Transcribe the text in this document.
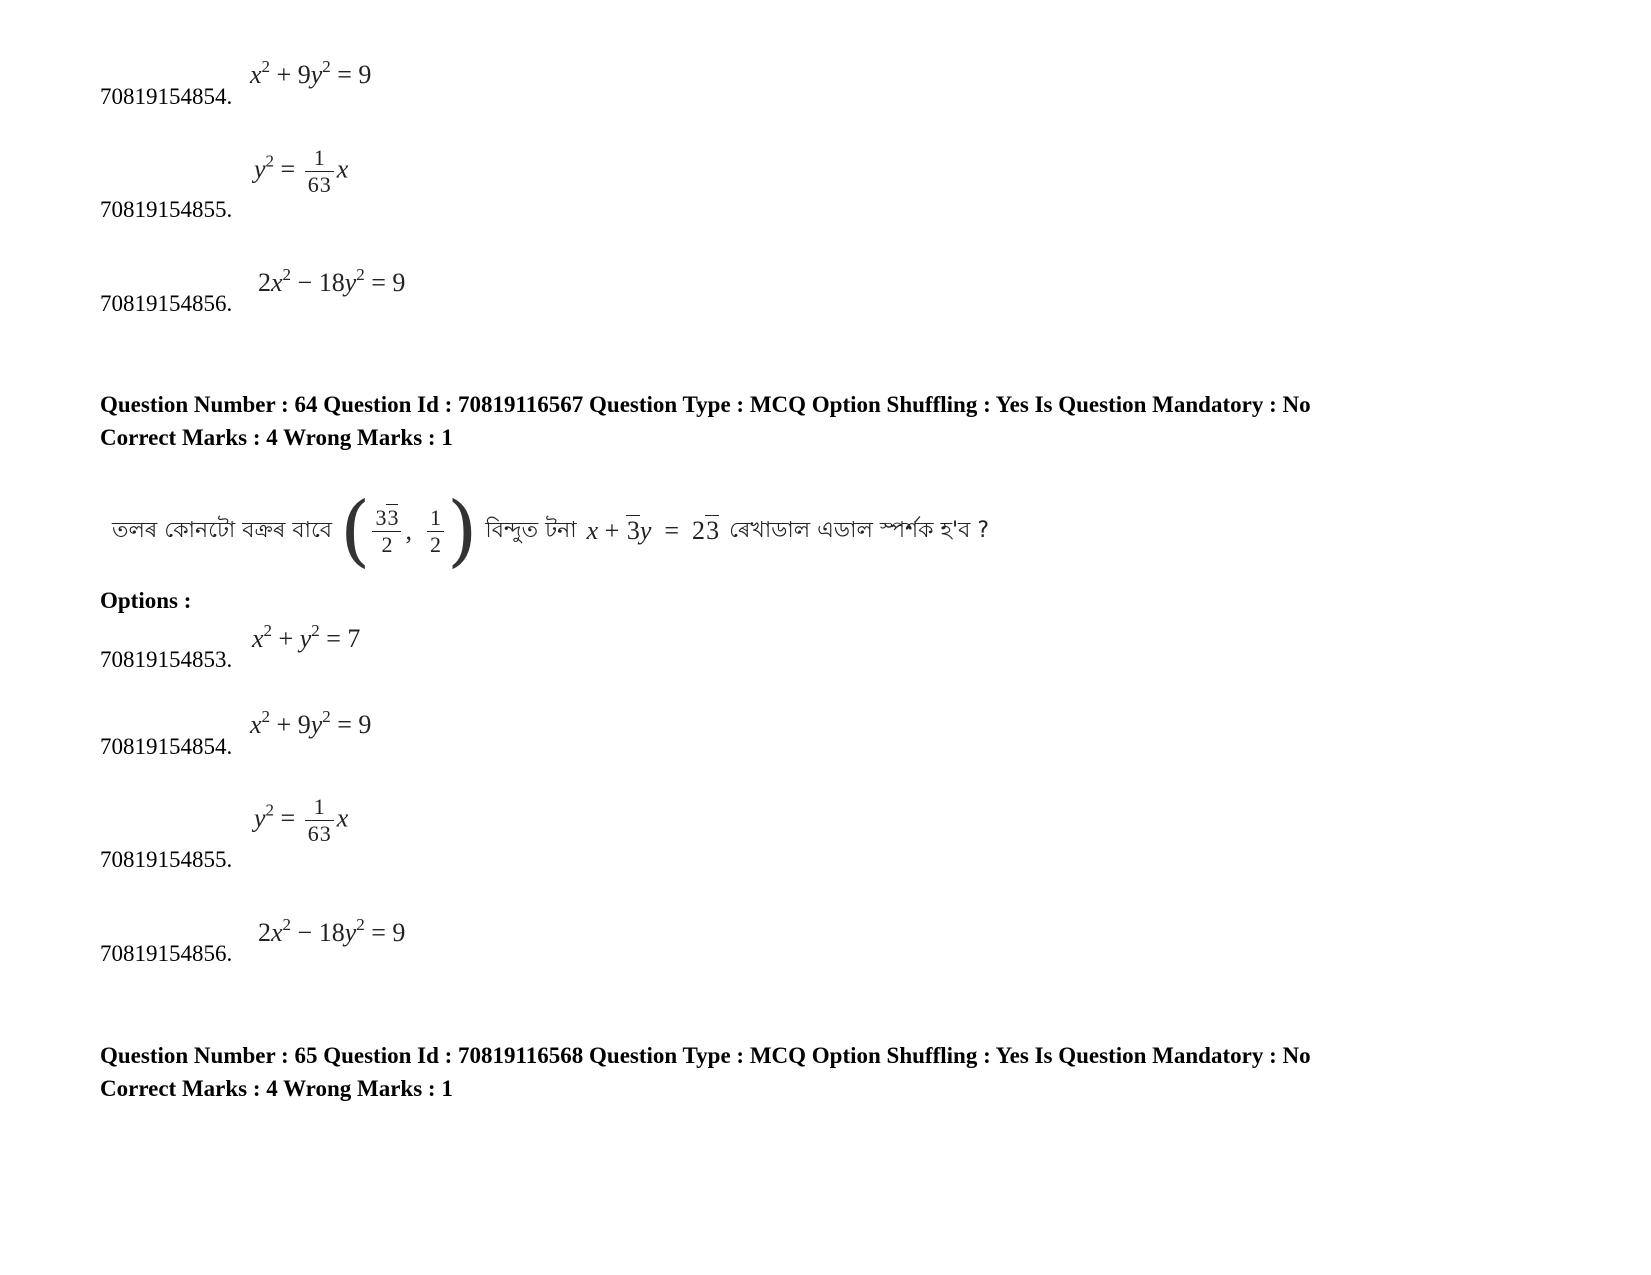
70819154854.
$x^2 + 9y^2 = 9$
70819154855.
$y^2 = \frac{1}{63}$ x
70819154856.
$2x^2 - 18y^2 = 9$
Question Number : 64 Question Id : 70819116567 Question Type : MCQ Option Shuffling : Yes Is Question Mandatory : No
Correct Marks : 4 Wrong Marks : 1
তলৰ কোনটো বক্ৰৰ বাবে ( $\frac{33}{2}$ , $\frac{1}{2}$ ) বিন্দুত টনা x + 3y  =  23 ৰেখাডাল এডাল স্পৰ্শক হ'ব ?
Options :
70819154853.
$x^2 + y^2 = 7$
70819154854.
$x^2 + 9y^2 = 9$
70819154855.
$y^2 = \frac{1}{63}$ x
70819154856.
$2x^2 - 18y^2 = 9$
Question Number : 65 Question Id : 70819116568 Question Type : MCQ Option Shuffling : Yes Is Question Mandatory : No
Correct Marks : 4 Wrong Marks : 1
